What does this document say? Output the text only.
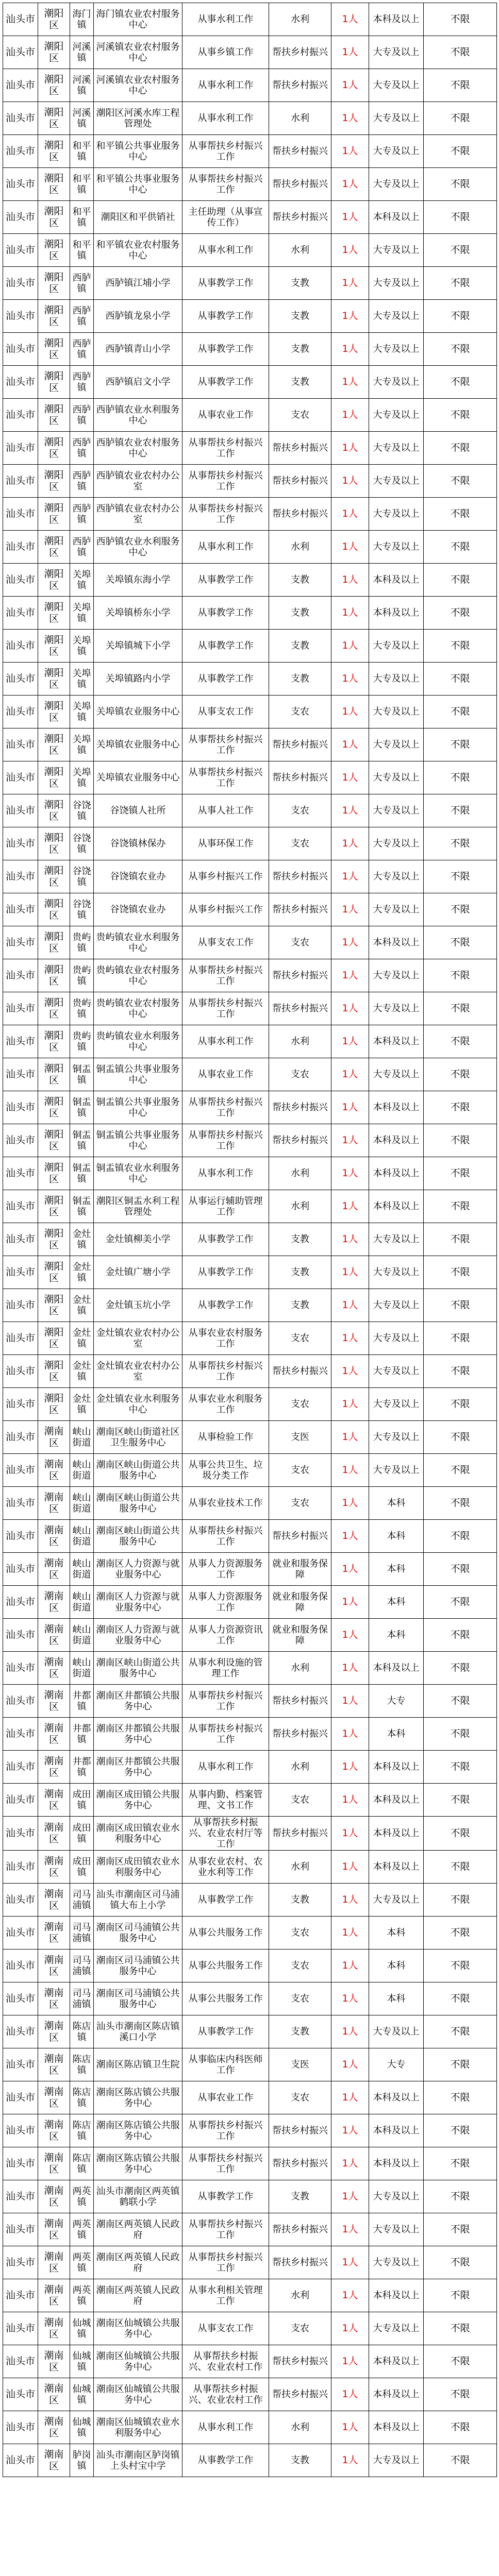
汕头市	潮阳区	海门镇	海门镇农业农村服务中心	从事水利工作	水利	1人	本科及以上	不限
汕头市	潮阳区	河溪镇	河溪镇农业农村服务中心	从事乡镇工作	帮扶乡村振兴	1人	大专及以上	不限
汕头市	潮阳区	河溪镇	河溪镇农业农村服务中心	从事水利工作	帮扶乡村振兴	1人	大专及以上	不限
汕头市	潮阳区	河溪镇	潮阳区河溪水库工程管理处	从事水利工作	水利	1人	大专及以上	不限
汕头市	潮阳区	和平镇	和平镇公共事业服务中心	从事帮扶乡村振兴工作	帮扶乡村振兴	1人	大专及以上	不限
汕头市	潮阳区	和平镇	和平镇公共事业服务中心	从事帮扶乡村振兴工作	帮扶乡村振兴	1人	大专及以上	不限
汕头市	潮阳区	和平镇	潮阳区和平供销社	主任助理（从事宣传工作）	帮扶乡村振兴	1人	本科及以上	不限
汕头市	潮阳区	和平镇	和平镇农业农村服务中心	从事水利工作	水利	1人	大专及以上	不限
汕头市	潮阳区	西胪镇	西胪镇江埔小学	从事教学工作	支教	1人	大专及以上	不限
汕头市	潮阳区	西胪镇	西胪镇龙泉小学	从事教学工作	支教	1人	大专及以上	不限
汕头市	潮阳区	西胪镇	西胪镇青山小学	从事教学工作	支教	1人	大专及以上	不限
汕头市	潮阳区	西胪镇	西胪镇启文小学	从事教学工作	支教	1人	大专及以上	不限
汕头市	潮阳区	西胪镇	西胪镇农业水利服务中心	从事农业工作	支农	1人	大专及以上	不限
汕头市	潮阳区	西胪镇	西胪镇农业农村服务中心	从事帮扶乡村振兴工作	帮扶乡村振兴	1人	大专及以上	不限
汕头市	潮阳区	西胪镇	西胪镇农业农村办公室	从事帮扶乡村振兴工作	帮扶乡村振兴	1人	大专及以上	不限
汕头市	潮阳区	西胪镇	西胪镇农业农村办公室	从事帮扶乡村振兴工作	帮扶乡村振兴	1人	大专及以上	不限
汕头市	潮阳区	西胪镇	西胪镇农业水利服务中心	从事水利工作	水利	1人	大专及以上	不限
汕头市	潮阳区	关埠镇	关埠镇东海小学	从事教学工作	支教	1人	本科及以上	不限
汕头市	潮阳区	关埠镇	关埠镇桥东小学	从事教学工作	支教	1人	本科及以上	不限
汕头市	潮阳区	关埠镇	关埠镇城下小学	从事教学工作	支教	1人	大专及以上	不限
汕头市	潮阳区	关埠镇	关埠镇路内小学	从事教学工作	支教	1人	大专及以上	不限
汕头市	潮阳区	关埠镇	关埠镇农业服务中心	从事支农工作	支农	1人	大专及以上	不限
汕头市	潮阳区	关埠镇	关埠镇农业服务中心	从事帮扶乡村振兴工作	帮扶乡村振兴	1人	大专及以上	不限
汕头市	潮阳区	关埠镇	关埠镇农业服务中心	从事帮扶乡村振兴工作	帮扶乡村振兴	1人	大专及以上	不限
汕头市	潮阳区	谷饶镇	谷饶镇人社所	从事人社工作	支农	1人	大专及以上	不限
汕头市	潮阳区	谷饶镇	谷饶镇林保办	从事环保工作	支农	1人	大专及以上	不限
汕头市	潮阳区	谷饶镇	谷饶镇农业办	从事乡村振兴工作	帮扶乡村振兴	1人	大专及以上	不限
汕头市	潮阳区	谷饶镇	谷饶镇农业办	从事乡村振兴工作	帮扶乡村振兴	1人	大专及以上	不限
汕头市	潮阳区	贵屿镇	贵屿镇农业水利服务中心	从事支农工作	支农	1人	本科及以上	不限
汕头市	潮阳区	贵屿镇	贵屿镇农业农村服务中心	从事帮扶乡村振兴工作	帮扶乡村振兴	1人	大专及以上	不限
汕头市	潮阳区	贵屿镇	贵屿镇农业农村服务中心	从事帮扶乡村振兴工作	帮扶乡村振兴	1人	大专及以上	不限
汕头市	潮阳区	贵屿镇	贵屿镇农业水利服务中心	从事水利工作	水利	1人	本科及以上	不限
汕头市	潮阳区	铜盂镇	铜盂镇公共事业服务中心	从事农业工作	支农	1人	大专及以上	不限
汕头市	潮阳区	铜盂镇	铜盂镇公共事业服务中心	从事帮扶乡村振兴工作	帮扶乡村振兴	1人	本科及以上	不限
汕头市	潮阳区	铜盂镇	铜盂镇公共事业服务中心	从事帮扶乡村振兴工作	帮扶乡村振兴	1人	本科及以上	不限
汕头市	潮阳区	铜盂镇	铜盂镇农业水利服务中心	从事水利工作	水利	1人	本科及以上	不限
汕头市	潮阳区	铜盂镇	潮阳区铜盂水利工程管理处	从事运行辅助管理工作	水利	1人	本科及以上	不限
汕头市	潮阳区	金灶镇	金灶镇柳美小学	从事教学工作	支教	1人	大专及以上	不限
汕头市	潮阳区	金灶镇	金灶镇广塘小学	从事教学工作	支教	1人	大专及以上	不限
汕头市	潮阳区	金灶镇	金灶镇玉坑小学	从事教学工作	支教	1人	大专及以上	不限
汕头市	潮阳区	金灶镇	金灶镇农业农村办公室	从事农业农村服务工作	支农	1人	大专及以上	不限
汕头市	潮阳区	金灶镇	金灶镇农业农村办公室	从事帮扶乡村振兴工作	帮扶乡村振兴	1人	大专及以上	不限
汕头市	潮阳区	金灶镇	金灶镇农业水利服务中心	从事农业水利服务工作	支农	1人	大专及以上	不限
汕头市	潮南区	峡山街道	潮南区峡山街道社区卫生服务中心	从事检验工作	支医	1人	大专及以上	不限
汕头市	潮南区	峡山街道	潮南区峡山街道公共服务中心	从事公共卫生、垃圾分类工作	支农	1人	大专及以上	不限
汕头市	潮南区	峡山街道	潮南区峡山街道公共服务中心	从事农业技术工作	支农	1人	本科	不限
汕头市	潮南区	峡山街道	潮南区峡山街道公共服务中心	从事帮扶乡村振兴工作	帮扶乡村振兴	1人	本科	不限
汕头市	潮南区	峡山街道	潮南区人力资源与就业服务中心	从事人力资源服务工作	就业和服务保障	1人	本科	不限
汕头市	潮南区	峡山街道	潮南区人力资源与就业服务中心	从事人力资源服务工作	就业和服务保障	1人	本科	不限
汕头市	潮南区	峡山街道	潮南区人力资源与就业服务中心	从事人力资源资讯工作	就业和服务保障	1人	本科	不限
汕头市	潮南区	峡山街道	潮南区峡山街道公共服务中心	从事水利设施的管理工作	水利	1人	本科及以上	不限
汕头市	潮南区	井都镇	潮南区井都镇公共服务中心	从事帮扶乡村振兴工作	帮扶乡村振兴	1人	大专	不限
汕头市	潮南区	井都镇	潮南区井都镇公共服务中心	从事帮扶乡村振兴工作	帮扶乡村振兴	1人	本科	不限
汕头市	潮南区	井都镇	潮南区井都镇公共服务中心	从事水利工作	水利	1人	本科及以上	不限
汕头市	潮南区	成田镇	潮南区成田镇公共服务中心	从事内勤、档案管理、文书工作	支农	1人	本科及以上	不限
汕头市	潮南区	成田镇	潮南区成田镇农业水利服务中心	从事帮扶乡村振兴、农业农村厅等工作	帮扶乡村振兴	1人	本科及以上	不限
汕头市	潮南区	成田镇	潮南区成田镇农业水利服务中心	从事农业农村、农业水利等工作	水利	1人	本科及以上	不限
汕头市	潮南区	司马浦镇	汕头市潮南区司马浦镇大布上小学	从事教学工作	支教	1人	大专及以上	不限
汕头市	潮南区	司马浦镇	潮南区司马浦镇公共服务中心	从事公共服务工作	支农	1人	本科	不限
汕头市	潮南区	司马浦镇	潮南区司马浦镇公共服务中心	从事公共服务工作	支农	1人	本科	不限
汕头市	潮南区	司马浦镇	潮南区司马浦镇公共服务中心	从事公共服务工作	支农	1人	本科	不限
汕头市	潮南区	陈店镇	汕头市潮南区陈店镇溪口小学	从事教学工作	支教	1人	大专及以上	不限
汕头市	潮南区	陈店镇	潮南区陈店镇卫生院	从事临床内科医师工作	支医	1人	大专	不限
汕头市	潮南区	陈店镇	潮南区陈店镇公共服务中心	从事农业工作	支农	1人	本科及以上	不限
汕头市	潮南区	陈店镇	潮南区陈店镇公共服务中心	从事帮扶乡村振兴工作	帮扶乡村振兴	1人	本科及以上	不限
汕头市	潮南区	陈店镇	潮南区陈店镇公共服务中心	从事帮扶乡村振兴工作	帮扶乡村振兴	1人	本科及以上	不限
汕头市	潮南区	两英镇	汕头市潮南区两英镇鹤联小学	从事教学工作	支教	1人	大专及以上	不限
汕头市	潮南区	两英镇	潮南区两英镇人民政府	从事帮扶乡村振兴工作	帮扶乡村振兴	1人	大专及以上	不限
汕头市	潮南区	两英镇	潮南区两英镇人民政府	从事帮扶乡村振兴工作	帮扶乡村振兴	1人	大专及以上	不限
汕头市	潮南区	两英镇	潮南区两英镇人民政府	从事水利相关管理工作	水利	1人	本科及以上	不限
汕头市	潮南区	仙城镇	潮南区仙城镇公共服务中心	从事支农工作	支农	1人	大专及以上	不限
汕头市	潮南区	仙城镇	潮南区仙城镇公共服务中心	从事帮扶乡村振兴、农业农村工作	帮扶乡村振兴	1人	本科及以上	不限
汕头市	潮南区	仙城镇	潮南区仙城镇公共服务中心	从事帮扶乡村振兴、农业农村工作	帮扶乡村振兴	1人	本科及以上	不限
汕头市	潮南区	仙城镇	潮南区仙城镇农业水利服务中心	从事水利工作	水利	1人	本科及以上	不限
汕头市	潮南区	胪岗镇	汕头市潮南区胪岗镇上头村宝中学	从事教学工作	支教	1人	大专及以上	不限
